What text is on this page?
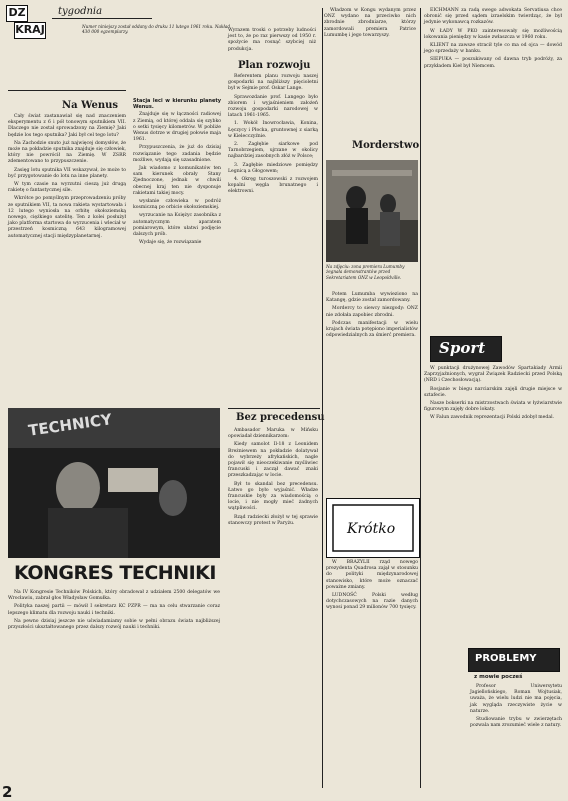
DZ
KRAJ
tygodnia
Numer niniejszy został oddany do druku 11 lutego 1961 roku. Nakład 430 000 egzemplarzy.
Na Wenus

Cały świat zastanawiał się nad znaczeniem eksperymentu z 6 i pół tonowym sputnikiem VII. Dlaczego nie został sprowadzony na Ziemię? Jaki będzie los tego sputnika? Jaki był cel tego lotu?

Na Zachodzie snuto już najwięcej domysłów, że może na pokładzie sputnika znajduje się człowiek, który nie powrócił na Ziemię. W ZSRR zdementowano to przypuszczenie.

Zasięg lotu sputnika VII wskazywał, że może to być przygotowanie do lotu na inne planety.

W tym czasie na wyrzutni cieszą już drugą rakietę o fantastycznej sile.

Wkrótce po pomyślnym przeprowadzeniu próby ze sputnikiem VII, ta nowa rakieta wystartowała i 12 lutego wyniosła na orbitę okołoziemską nowego, ciężkiego satelitę. Ten z kolei posłużył jako platforma startowa do wyrzucenia i wleciał w przestrzeń kosmiczną 643 kilogramowej automatycznej stacji międzyplanetarnej.

Stacja leci w kierunku planety Wenus.

Znajduje się w łączności radiowej z Ziemią, od której oddala się szybko o setki tysięcy kilometrów. W pobliże Wenus dotrze w drugiej połowie maja 1961.

Przypuszczenia, że już do dzisiaj rozwiązanie tego zadania będzie możliwe, wydają się uzasadnione.

Jak wiadomo z komunikatów ten sam kierunek obrały Stany Zjednoczone, jednak w chwili obecnej kraj ten nie dysponuje rakietami takiej mocy.

wysłanie człowieka w podróż kosmiczną po orbicie okołoziemskiej.

wyrzucanie na Księżyc zasobnika z automatycznym aparatem pomiarowym, które ułatwi podjęcie dalszych prób.

Wydaje się, że rozwiązanie

Wyrazem troski o potrzeby ludności jest to, że po raz pierwszy od 1950 r. spożycie ma rosnąć szybciej niż produkcja.

Plan rozwoju

Referentem planu rozwoju naszej gospodarki na najbliższy pięcioletni był w Sejmie prof. Oskar Lange.

Sprawozdanie prof. Langego było zbiorem i wyjaśnieniem założeń rozwoju gospodarki narodowej w latach 1961-1965.

1. Wokół Inowrocławia, Konina, Łęczycy i Płocka, gruntownej z siarką w Kielecczyźnie.

2. Zagłębie siarkowe pod Tarnobrzegiem, ujrzane w okolicy najbardziej zasobnych złóż w Polsce;

3. Zagłębie miedziowe pomiędzy Legnicą a Głogowem;

4. Okręg turoszowski z rozwojem kopalni węgla brunatnego i elektrowni.

Władzom w Kongu wydanym przez ONZ wydano na przeciwko nich zbrodnie zbrodniarze, którzy zamordowali premiera Patrice Lumumbę i jego towarzyszy.

Morderstwo
Na zdjęciu: zona premiera Lumumby żegnała demonstrantów przed Sekretariatem ONZ w Leopoldville.

Potem Lumumba wywieziono na Katangę, gdzie został zamordowany.

Mordercy to siewcy niezgody: ONZ nie zdołała zapobiec zbrodni.

Podczas manifestacji w wielu krajach świata potępiono imperialistów odpowiedzialnych za śmierć premiera.

Bez precedensu

Ambasador Maruka w Mińsku opowiadał dziennikarzom:

Kiedy samolot Il-18 z Leonidem Breżniewem na pokładzie dolatywał do wybrzeży afrykańskich, nagle pojawił się nieoczekiwanie myśliwiec francuski i zaczął dawać znaki przeszkadzając w locie.

Był to skandal bez precedensu. Łatwo go było wyjaśnić. Władze francuskie były za wiadomością o locie, i nie mogły mieć żadnych wątpliwości.

Rząd radziecki złożył w tej sprawie stanowczy protest w Paryżu.

TECHNICY
KONGRES TECHNIKI

Na IV Kongresie Techników Polskich, który obradował z udziałem 2500 delegatów we Wrocławiu, zabrał głos Władysław Gomułka.

Polityka naszej partii — mówił I sekretarz KC PZPR — ma na celu stwarzanie coraz lepszego klimatu dla rozwoju nauki i techniki.

Na pewno dzisiaj jeszcze nie uświadamiamy sobie w pełni obrazu świata najbliższej przyszłości ukształtowanego przez dalszy rozwój nauki i techniki.

Krótko

W BRAZYLII rząd nowego prezydenta Quadrosa zajął w stosunku do polityki międzynarodowej stanowisko, które może oznaczać poważne zmiany.

LUDNOŚĆ Polski według dotychczasowych na razie danych wynosi ponad 29 milionów 700 tysięcy.

EICHMANN za radą swego adwokata Servatiusa chce obronić się przed sądem izraelskim twierdząc, że był jedynie wykonawcą rozkazów.

W ŁADY W PKO zainteresowały się możliwością lokowania pieniędzy w kasie zwłaszcza w 1960 roku.

KLIENT na zawsze stracił tyle co ma od ojca — dowód jego sprzedaży w banku.

SIEPUKA — poszukiwany od dawna tryb podróży, za przykładem Kieł był Niemcem.

Sport

W punktacji drużynowej Zawodów Spartakiady Armii Zaprzyjaźnionych, wygrał Związek Radziecki przed Polską (NRD i Czechosłowacją).

Rosjanie w biegu narciarskim zajęli drugie miejsce w sztafecie.

Nasze bokserki na mistrzostwach świata w łyżwiarstwie figurowym zajęły dobre lokaty.

W Falun zawodnik reprezentacji Polski zdobył medal.

PROBLEMY
z mowie pocześ

Profesor Uniwersytetu Jagiellońskiego, Roman Wojtusiak, uważa, że wielu ludzi nie ma pojęcia, jak wygląda rzeczywiste życie w naturze.

Studiowanie trybu w zwierzętach pozwala nam zrozumieć wiele z natury.

2
